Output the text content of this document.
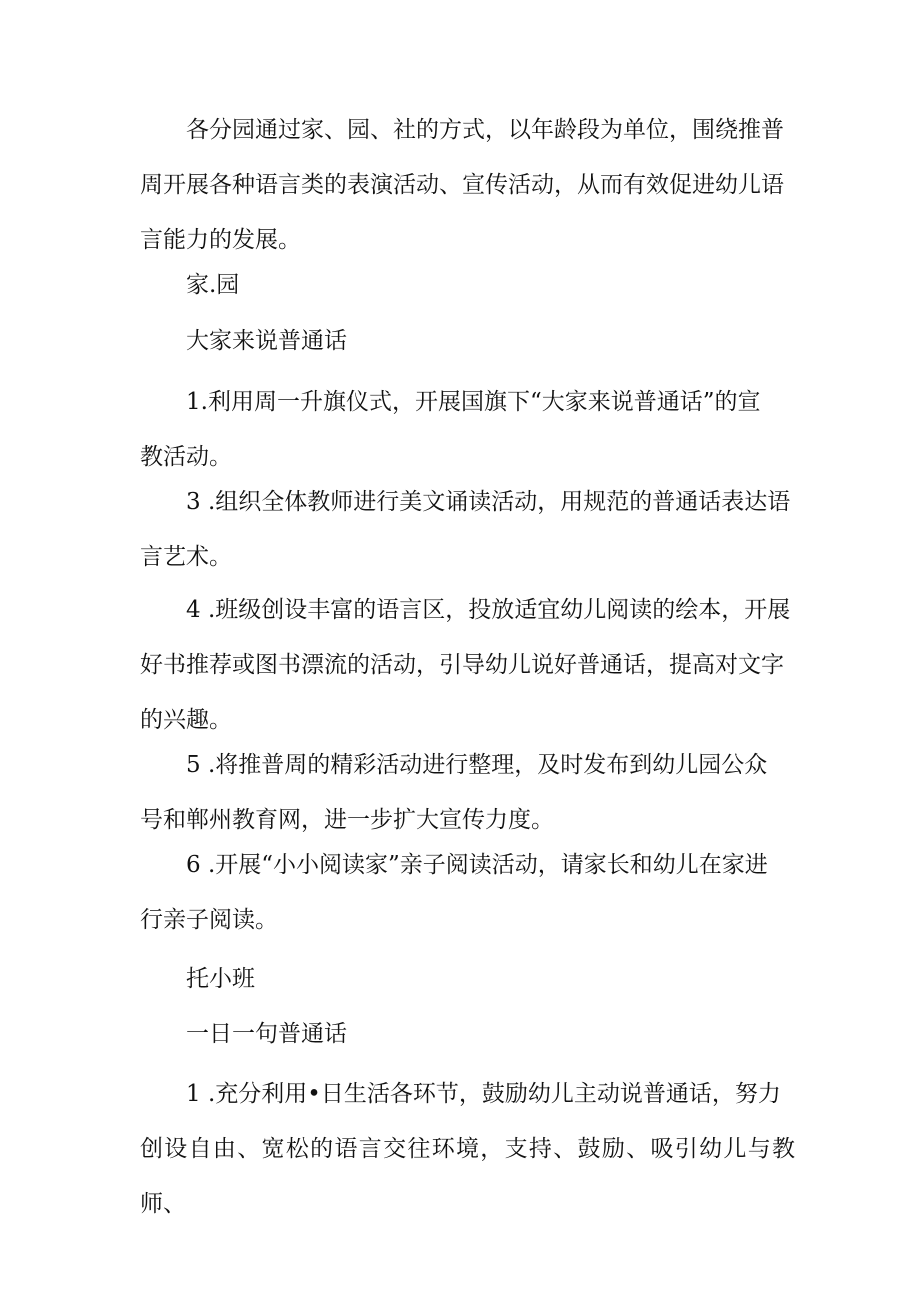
各分园通过家、园、社的方式，以年龄段为单位，围绕推普
周开展各种语言类的表演活动、宣传活动，从而有效促进幼儿语
言能力的发展。

家.园

大家来说普通话

1.利用周一升旗仪式，开展国旗下“大家来说普通话”的宣
教活动。

3 .组织全体教师进行美文诵读活动，用规范的普通话表达语
言艺术。

4 .班级创设丰富的语言区，投放适宜幼儿阅读的绘本，开展
好书推荐或图书漂流的活动，引导幼儿说好普通话，提高对文字
的兴趣。

5 .将推普周的精彩活动进行整理，及时发布到幼儿园公众
号和郸州教育网，进一步扩大宣传力度。

6 .开展“小小阅读家”亲子阅读活动，请家长和幼儿在家进
行亲子阅读。

托小班

一日一句普通话

1 .充分利用•日生活各环节，鼓励幼儿主动说普通话，努力
创设自由、宽松的语言交往环境，支持、鼓励、吸引幼儿与教师、
